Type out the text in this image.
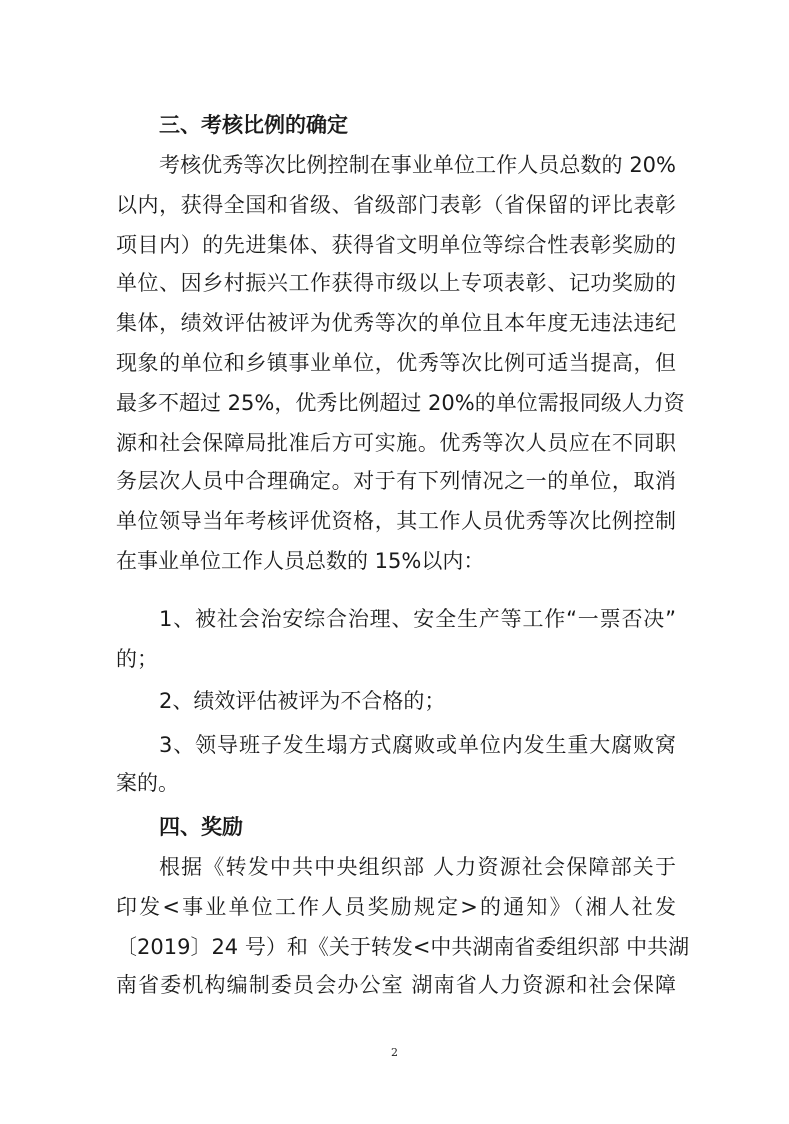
三、考核比例的确定
考核优秀等次比例控制在事业单位工作人员总数的 20%
以内，获得全国和省级、省级部门表彰（省保留的评比表彰
项目内）的先进集体、获得省文明单位等综合性表彰奖励的
单位、因乡村振兴工作获得市级以上专项表彰、记功奖励的
集体，绩效评估被评为优秀等次的单位且本年度无违法违纪
现象的单位和乡镇事业单位，优秀等次比例可适当提高，但
最多不超过 25%，优秀比例超过 20%的单位需报同级人力资
源和社会保障局批准后方可实施。优秀等次人员应在不同职
务层次人员中合理确定。对于有下列情况之一的单位，取消
单位领导当年考核评优资格，其工作人员优秀等次比例控制
在事业单位工作人员总数的 15%以内：
1、被社会治安综合治理、安全生产等工作“一票否决”
的；
2、绩效评估被评为不合格的；
3、领导班子发生塌方式腐败或单位内发生重大腐败窝
案的。
四、奖励
根据《转发中共中央组织部 人力资源社会保障部关于
印发<事业单位工作人员奖励规定>的通知》（湘人社发
〔2019〕24 号）和《关于转发<中共湖南省委组织部 中共湖
南省委机构编制委员会办公室 湖南省人力资源和社会保障
2
